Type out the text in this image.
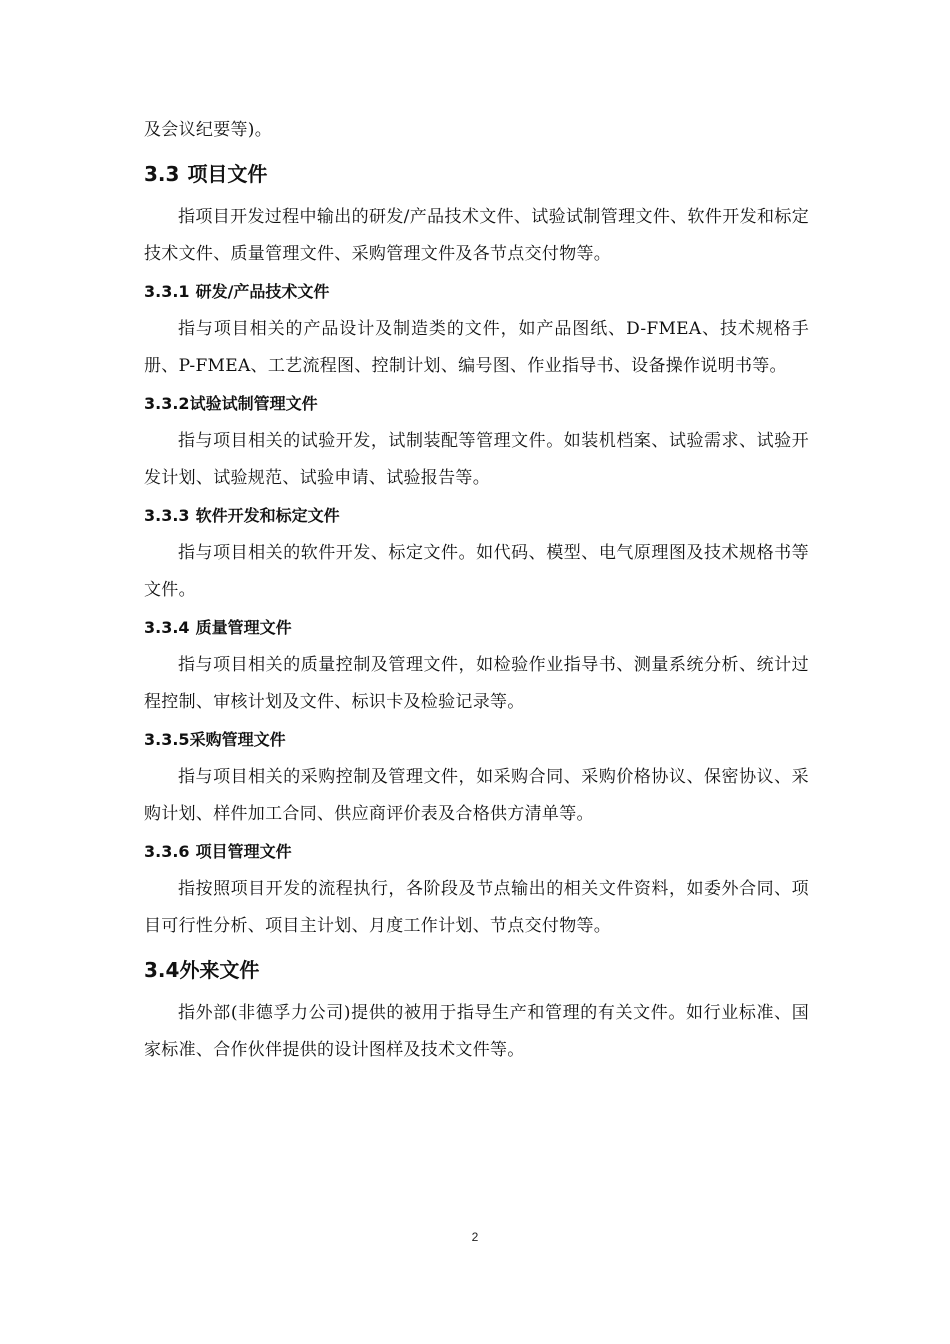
及会议纪要等)。

3.3 项目文件

指项目开发过程中输出的研发/产品技术文件、试验试制管理文件、软件开发和标定技术文件、质量管理文件、采购管理文件及各节点交付物等。

3.3.1 研发/产品技术文件

指与项目相关的产品设计及制造类的文件，如产品图纸、D-FMEA、技术规格手册、P-FMEA、工艺流程图、控制计划、编号图、作业指导书、设备操作说明书等。

3.3.2试验试制管理文件

指与项目相关的试验开发，试制装配等管理文件。如装机档案、试验需求、试验开发计划、试验规范、试验申请、试验报告等。

3.3.3 软件开发和标定文件

指与项目相关的软件开发、标定文件。如代码、模型、电气原理图及技术规格书等文件。

3.3.4 质量管理文件

指与项目相关的质量控制及管理文件，如检验作业指导书、测量系统分析、统计过程控制、审核计划及文件、标识卡及检验记录等。

3.3.5采购管理文件

指与项目相关的采购控制及管理文件，如采购合同、采购价格协议、保密协议、采购计划、样件加工合同、供应商评价表及合格供方清单等。

3.3.6 项目管理文件

指按照项目开发的流程执行，各阶段及节点输出的相关文件资料，如委外合同、项目可行性分析、项目主计划、月度工作计划、节点交付物等。

3.4外来文件

指外部(非德孚力公司)提供的被用于指导生产和管理的有关文件。如行业标准、国家标准、合作伙伴提供的设计图样及技术文件等。

2
